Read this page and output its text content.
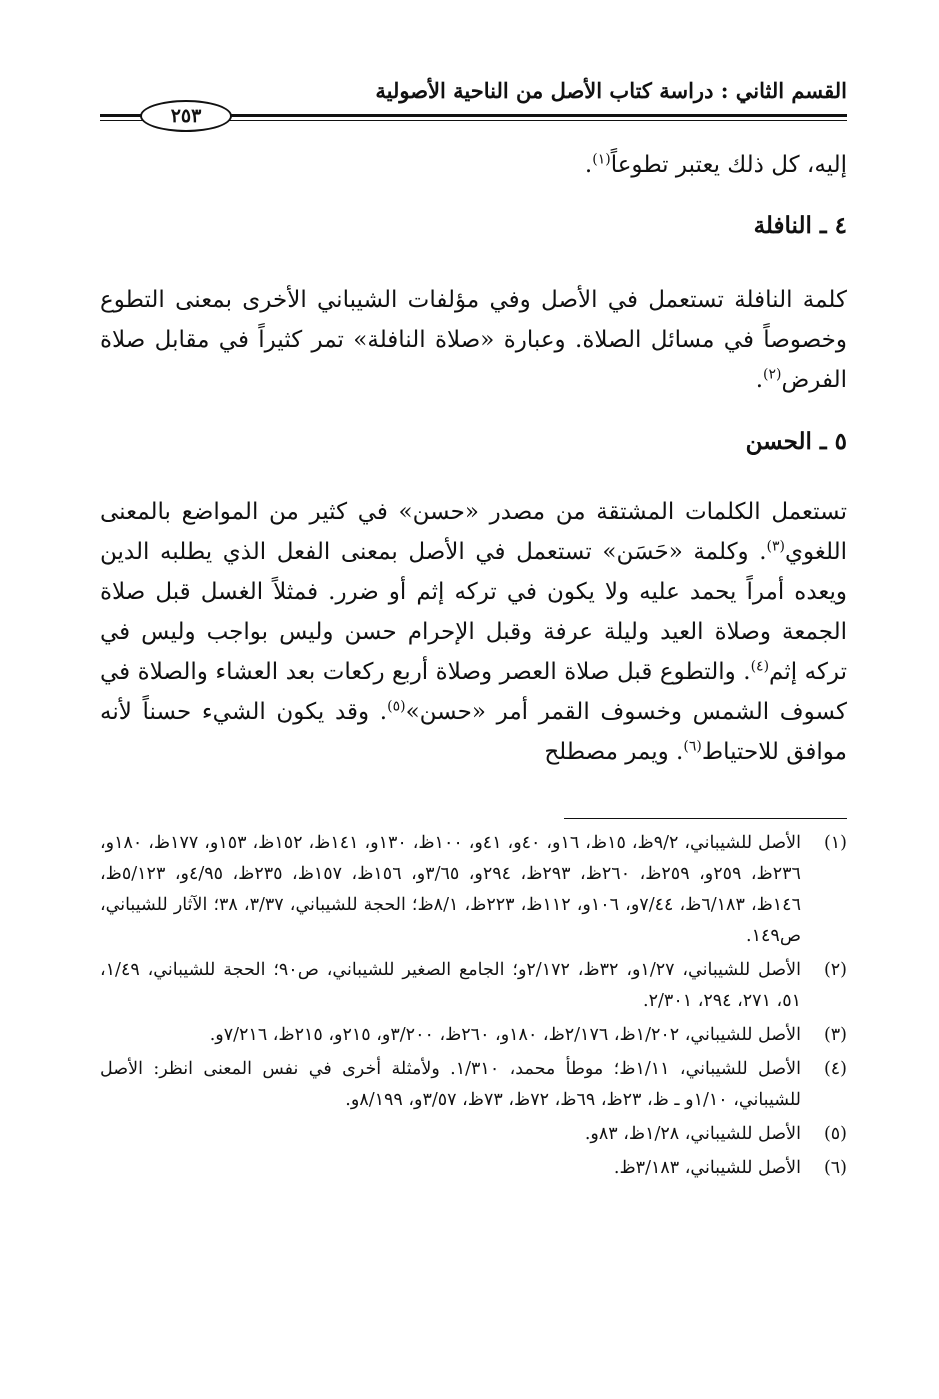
القسم الثاني : دراسة كتاب الأصل من الناحية الأصولية
٢٥٣
إليه، كل ذلك يعتبر تطوعاً$^{(١)}$.
٤ ـ النافلة
كلمة النافلة تستعمل في الأصل وفي مؤلفات الشيباني الأخرى بمعنى التطوع وخصوصاً في مسائل الصلاة. وعبارة «صلاة النافلة» تمر كثيراً في مقابل صلاة الفرض$^{(٢)}$.
٥ ـ الحسن
تستعمل الكلمات المشتقة من مصدر «حسن» في كثير من المواضع بالمعنى اللغوي$^{(٣)}$. وكلمة «حَسَن» تستعمل في الأصل بمعنى الفعل الذي يطلبه الدين ويعده أمراً يحمد عليه ولا يكون في تركه إثم أو ضرر. فمثلاً الغسل قبل صلاة الجمعة وصلاة العيد وليلة عرفة وقبل الإحرام حسن وليس بواجب وليس في تركه إثم$^{(٤)}$. والتطوع قبل صلاة العصر وصلاة أربع ركعات بعد العشاء والصلاة في كسوف الشمس وخسوف القمر أمر «حسن»$^{(٥)}$. وقد يكون الشيء حسناً لأنه موافق للاحتياط$^{(٦)}$. ويمر مصطلح
(١)
الأصل للشيباني، ٩/٢ظ، ١٥ظ، ١٦و، ٤٠و، ٤١و، ١٠٠ظ، ١٣٠و، ١٤١ظ، ١٥٢ظ، ١٥٣و، ١٧٧ظ، ١٨٠و، ٢٣٦ظ، ٢٥٩و، ٢٥٩ظ، ٢٦٠ظ، ٢٩٣ظ، ٢٩٤و، ٣/٦٥و، ١٥٦ظ، ١٥٧ظ، ٢٣٥ظ، ٤/٩٥و، ٥/١٢٣ظ، ١٤٦ظ، ٦/١٨٣ظ، ٧/٤٤و، ١٠٦و، ١١٢ظ، ٢٢٣ظ، ٨/١ظ؛ الحجة للشيباني، ٣/٣٧، ٣٨؛ الآثار للشيباني، ص١٤٩.
(٢)
الأصل للشيباني، ١/٢٧و، ٣٢ظ، ٢/١٧٢و؛ الجامع الصغير للشيباني، ص٩٠؛ الحجة للشيباني، ١/٤٩، ٥١، ٢٧١، ٢٩٤، ٢/٣٠١.
(٣)
الأصل للشيباني، ١/٢٠٢ظ، ٢/١٧٦ظ، ١٨٠و، ٢٦٠ظ، ٣/٢٠٠و، ٢١٥و، ٢١٥ظ، ٧/٢١٦و.
(٤)
الأصل للشيباني، ١/١١ظ؛ موطأ محمد، ١/٣١٠. ولأمثلة أخرى في نفس المعنى انظر: الأصل للشيباني، ١/١٠و ـ ظ، ٢٣ظ، ٦٩ظ، ٧٢ظ، ٧٣ظ، ٣/٥٧و، ٨/١٩٩و.
(٥)
الأصل للشيباني، ١/٢٨ظ، ٨٣و.
(٦)
الأصل للشيباني، ٣/١٨٣ظ.
